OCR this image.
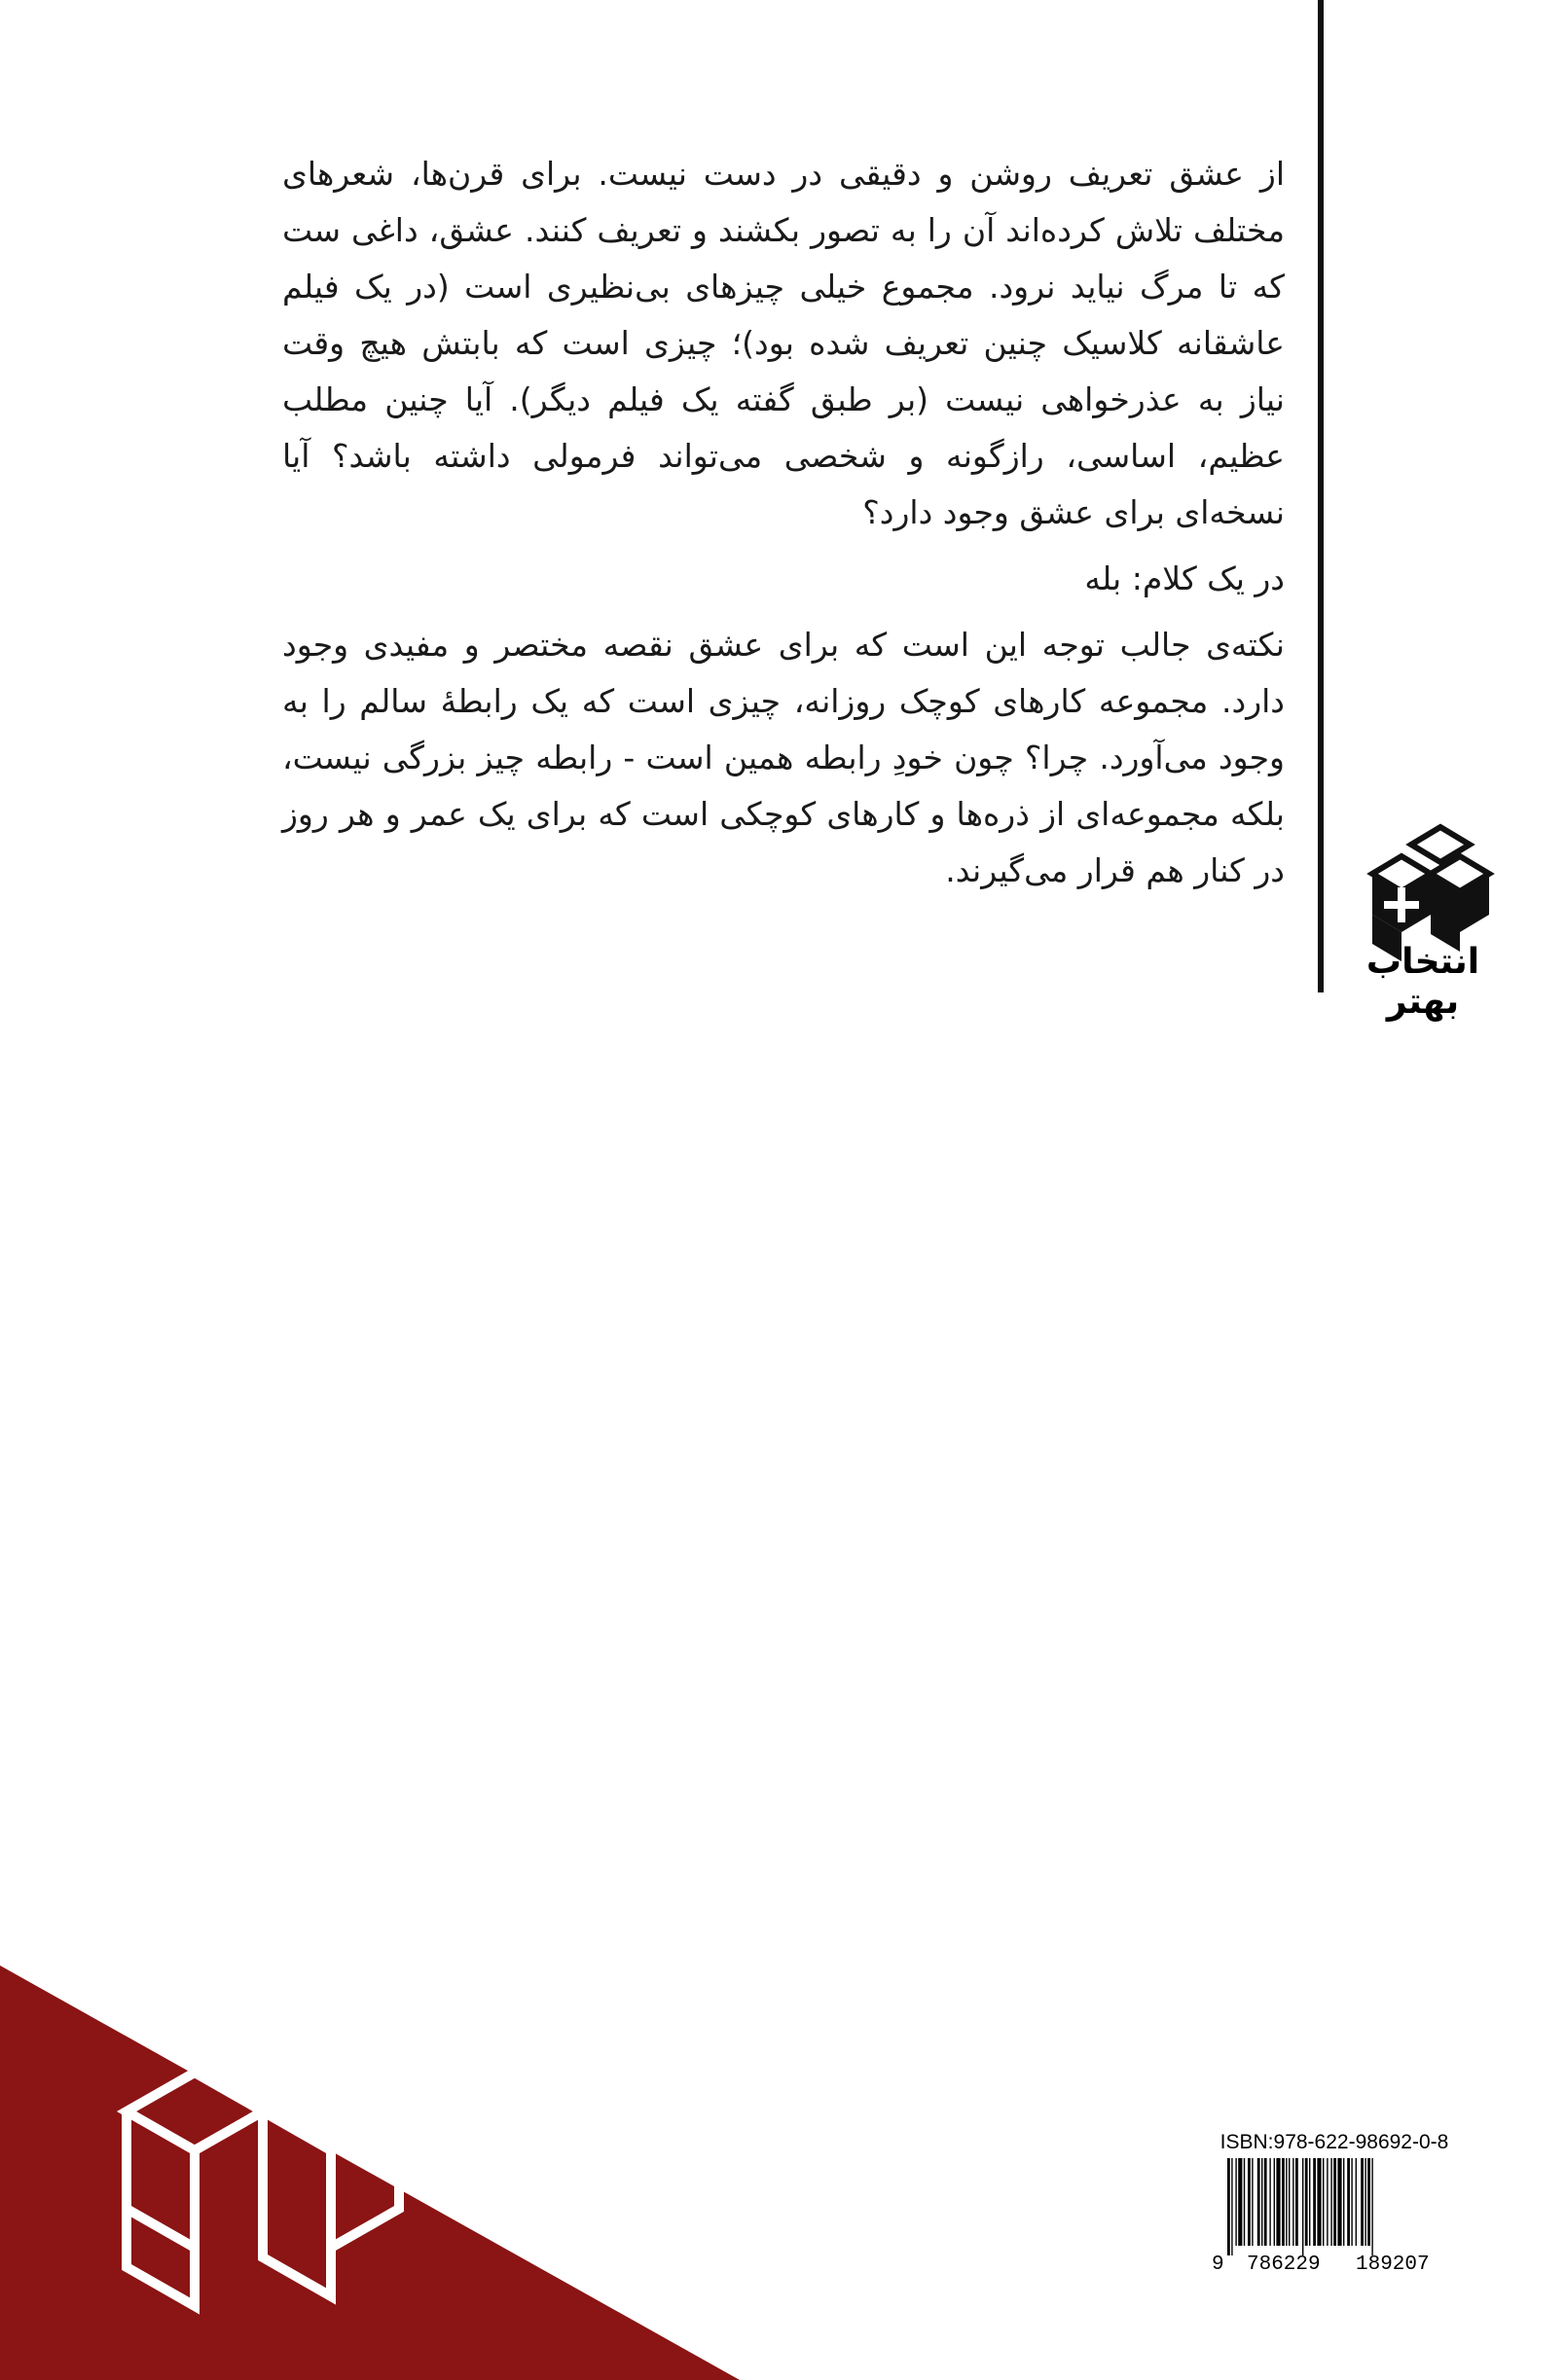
از عشق تعریف روشن و دقیقی در دست نیست. برای قرن‌ها، شعرهای مختلف تلاش کرده‌اند آن را به تصور بکشند و تعریف کنند. عشق، داغی ست که تا مرگ نیاید نرود. مجموع خیلی چیزهای بی‌نظیری است (در یک فیلم عاشقانه کلاسیک چنین تعریف شده بود)؛ چیزی است که بابتش هیچ وقت نیاز به عذرخواهی نیست (بر طبق گفته یک فیلم دیگر). آیا چنین مطلب عظیم، اساسی، رازگونه و شخصی می‌تواند فرمولی داشته باشد؟ آیا نسخه‌ای برای عشق وجود دارد؟

در یک کلام: بله

نکته‌ی جالب توجه این است که برای عشق نقصه مختصر و مفیدی وجود دارد. مجموعه کارهای کوچک روزانه، چیزی است که یک رابطهٔ سالم را به وجود می‌آورد. چرا؟ چون خودِ رابطه همین است - رابطه چیز بزرگی نیست، بلکه مجموعه‌ای از ذره‌ها و کارهای کوچکی است که برای یک عمر و هر روز در کنار هم قرار می‌گیرند.

انتخاب بهتر
ISBN:978-622-98692-0-8
9 786229 189207
